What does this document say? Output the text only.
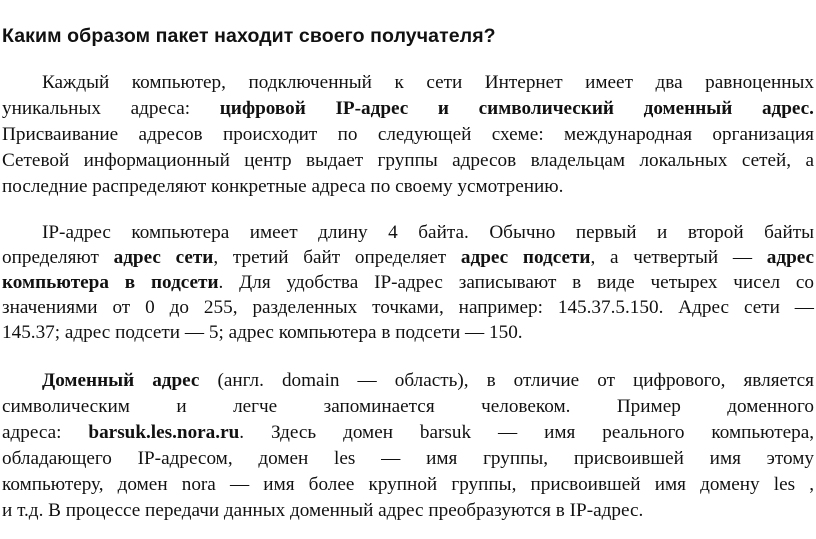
Каким образом пакет находит своего получателя?
Каждый компьютер, подключенный к сети Интернет имеет два равноценных
уникальных адреса: цифровой IP-адрес и символический доменный адрес.
Присваивание адресов происходит по следующей схеме: международная организация
Сетевой информационный центр выдает группы адресов владельцам локальных сетей, а
последние распределяют конкретные адреса по своему усмотрению.
IP-адрес компьютера имеет длину 4 байта. Обычно первый и второй байты
определяют адрес сети, третий байт определяет адрес подсети, а четвертый — адрес
компьютера в подсети. Для удобства IP-адрес записывают в виде четырех чисел со
значениями от 0 до 255, разделенных точками, например: 145.37.5.150. Адрес сети —
145.37; адрес подсети — 5; адрес компьютера в подсети — 150.
Доменный адрес (англ. domain — область), в отличие от цифрового, является
символическим и легче запоминается человеком. Пример доменного
адреса: barsuk.les.nora.ru. Здесь домен barsuk — имя реального компьютера,
обладающего IP-адресом, домен les — имя группы, присвоившей имя этому
компьютеру, домен nora — имя более крупной группы, присвоившей имя домену les ,
и т.д. В процессе передачи данных доменный адрес преобразуются в IP-адрес.
